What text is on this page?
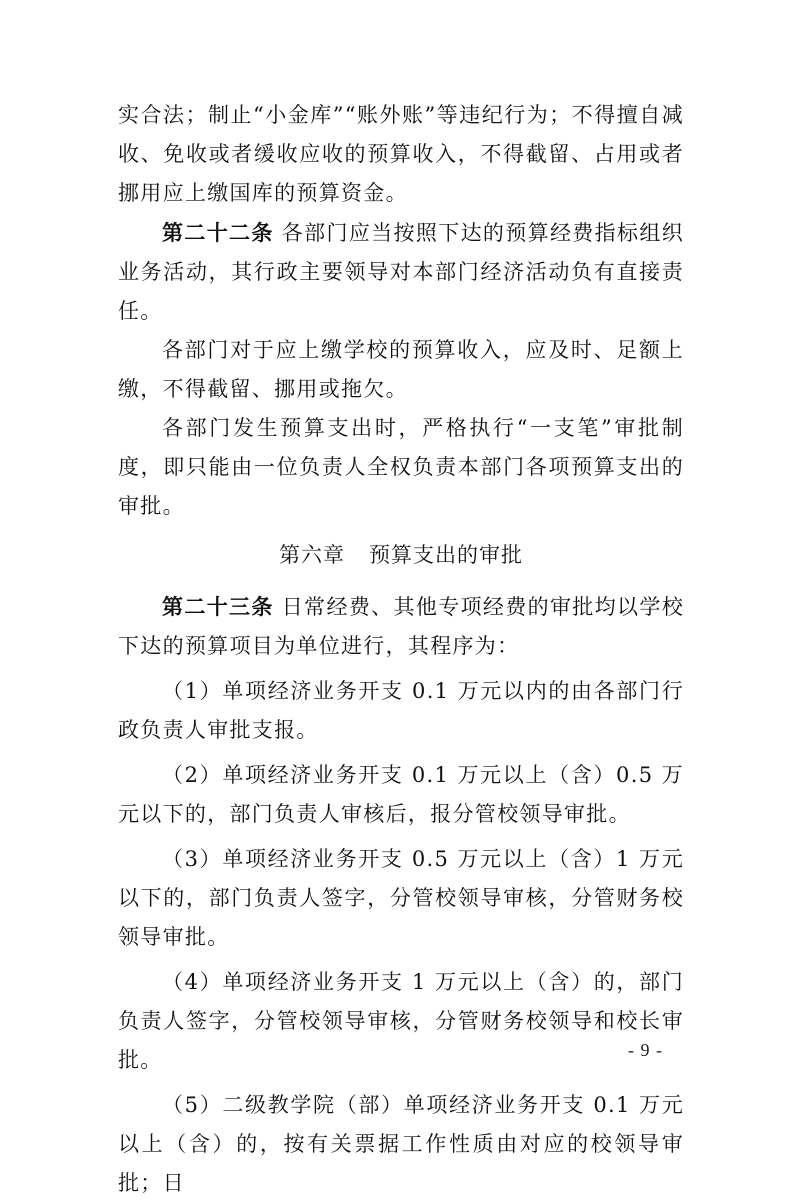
实合法；制止“小金库”“账外账”等违纪行为；不得擅自减收、免收或者缓收应收的预算收入，不得截留、占用或者挪用应上缴国库的预算资金。

第二十二条 各部门应当按照下达的预算经费指标组织业务活动，其行政主要领导对本部门经济活动负有直接责任。

各部门对于应上缴学校的预算收入，应及时、足额上缴，不得截留、挪用或拖欠。

各部门发生预算支出时，严格执行“一支笔”审批制度，即只能由一位负责人全权负责本部门各项预算支出的审批。

第六章 预算支出的审批

第二十三条 日常经费、其他专项经费的审批均以学校下达的预算项目为单位进行，其程序为：

（1）单项经济业务开支 0.1 万元以内的由各部门行政负责人审批支报。

（2）单项经济业务开支 0.1 万元以上（含）0.5 万元以下的，部门负责人审核后，报分管校领导审批。

（3）单项经济业务开支 0.5 万元以上（含）1 万元以下的，部门负责人签字，分管校领导审核，分管财务校领导审批。

（4）单项经济业务开支 1 万元以上（含）的，部门负责人签字，分管校领导审核，分管财务校领导和校长审批。

（5）二级教学院（部）单项经济业务开支 0.1 万元以上（含）的，按有关票据工作性质由对应的校领导审批；日

- 9 -
